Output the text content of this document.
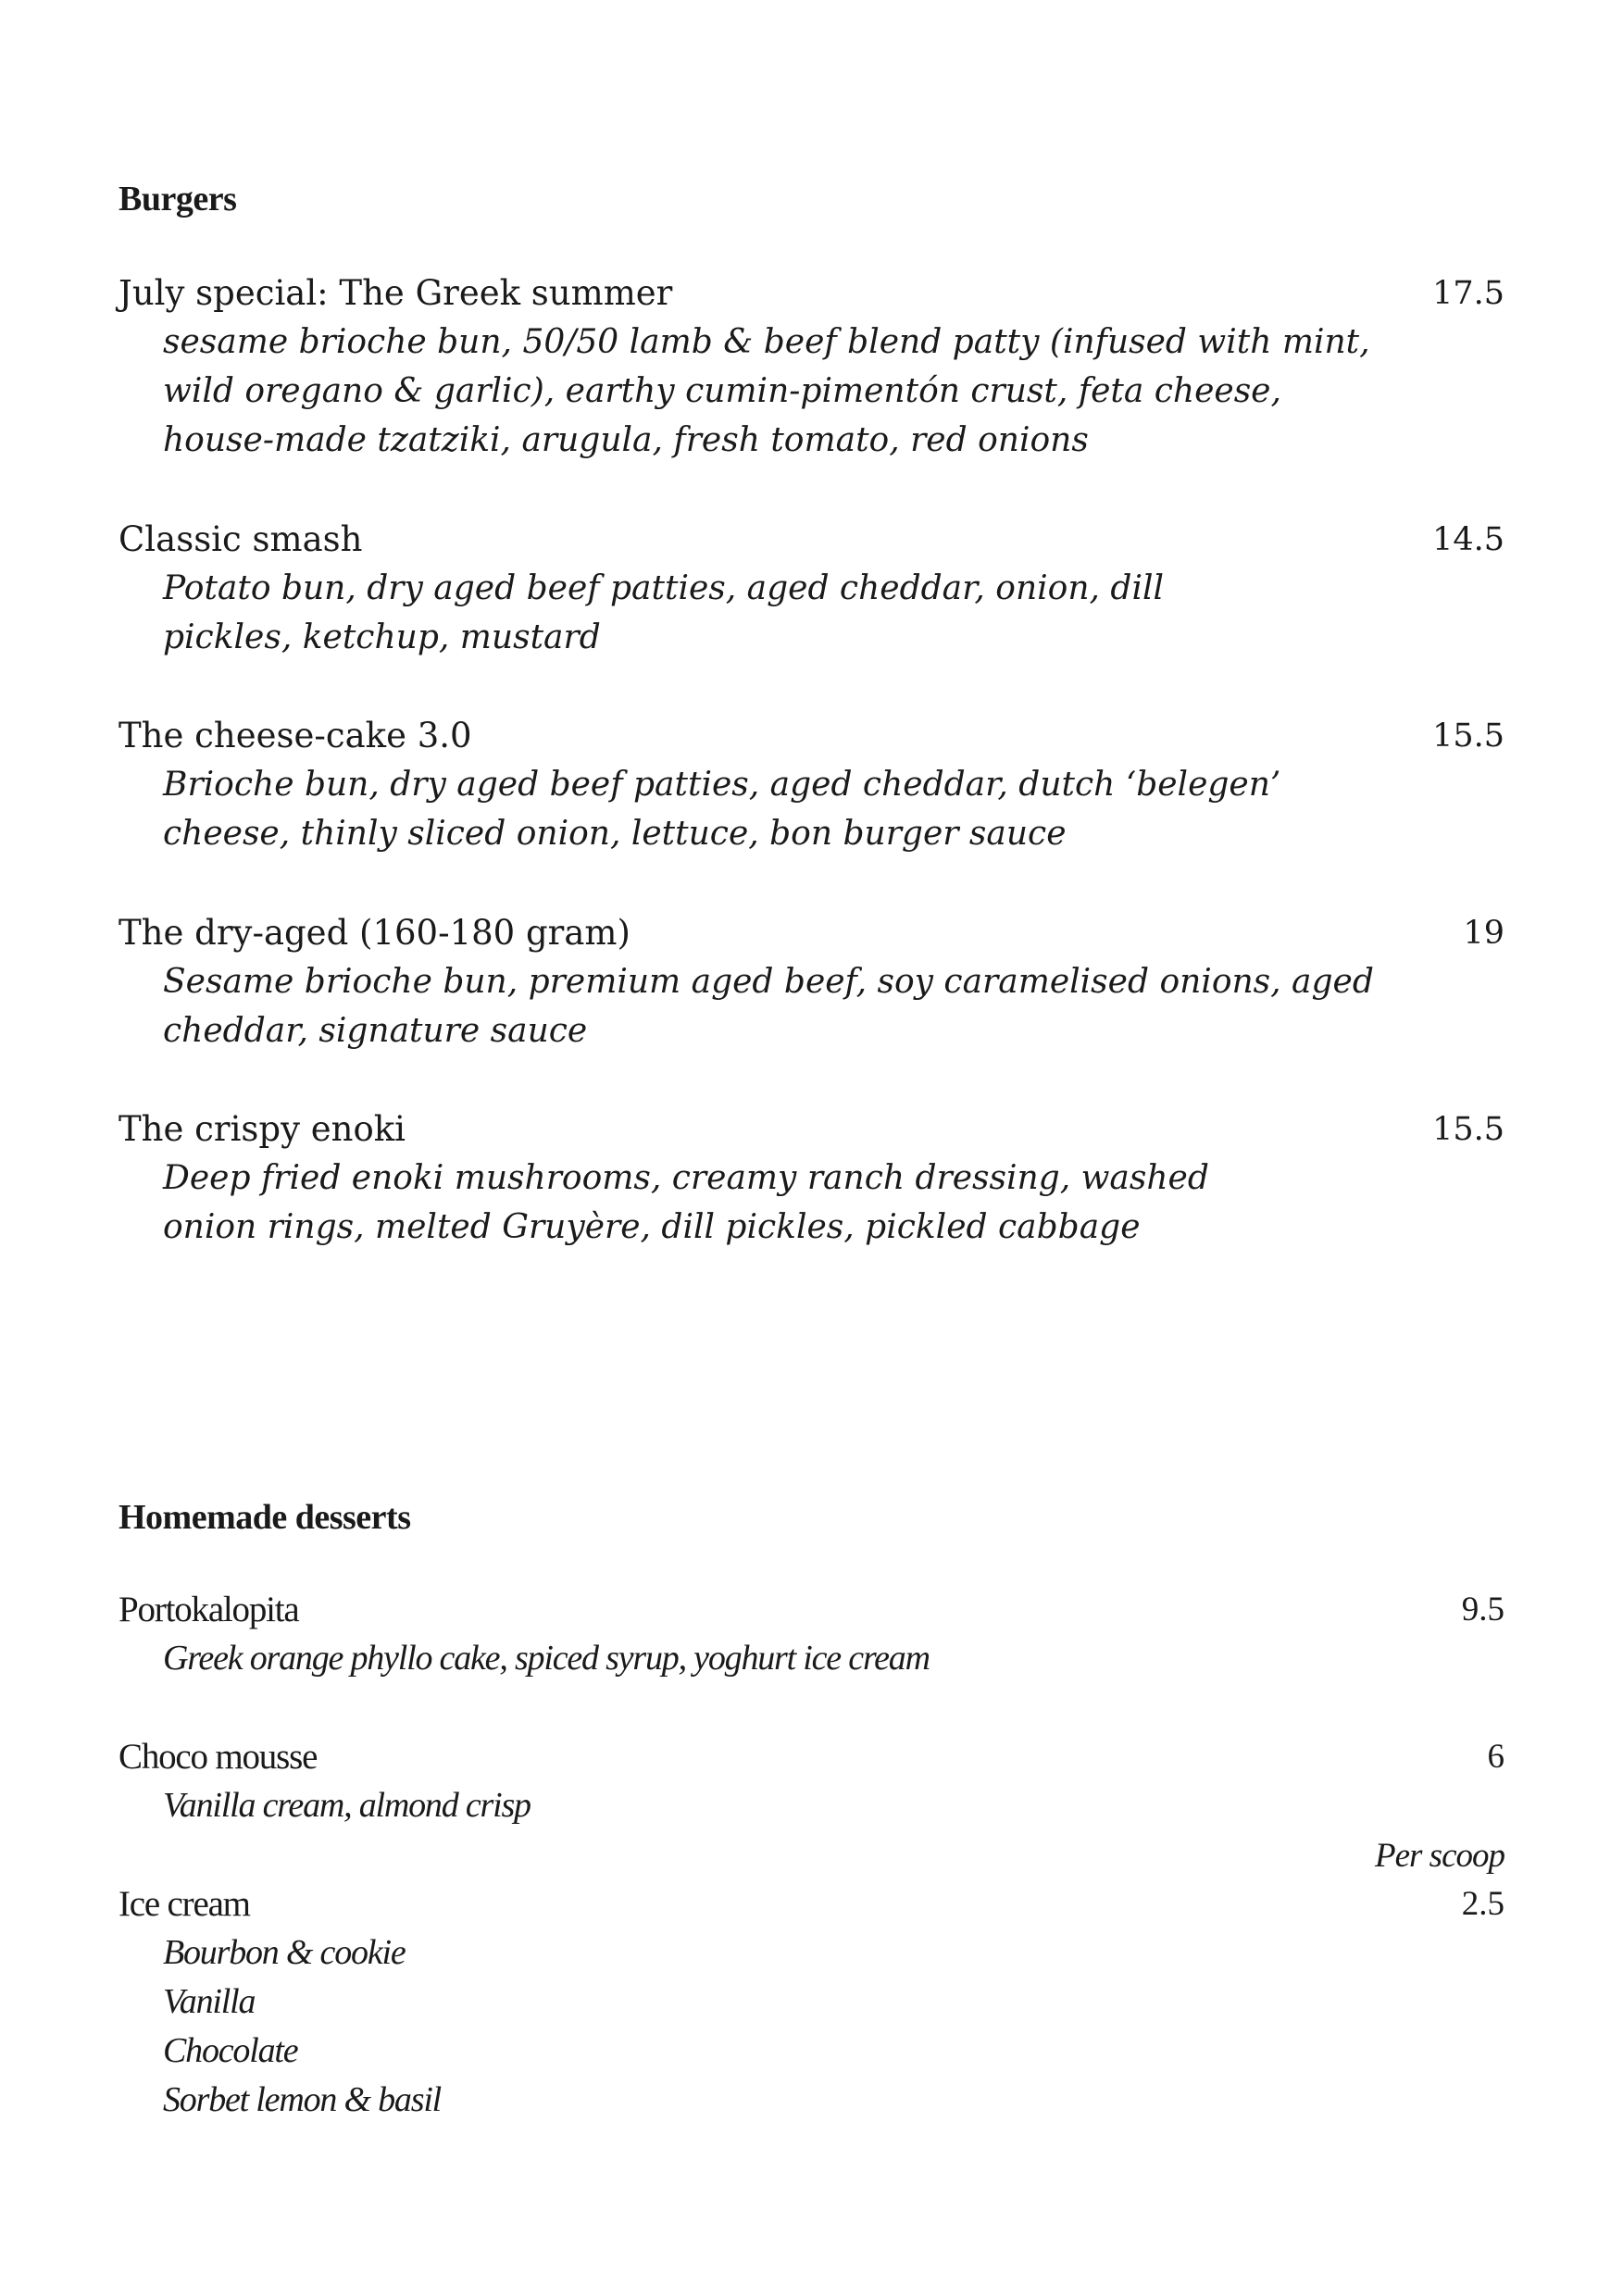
Burgers
July special: The Greek summer	17.5
sesame brioche bun, 50/50 lamb & beef blend patty (infused with mint,
wild oregano & garlic), earthy cumin-pimentón crust, feta cheese,
house-made tzatziki, arugula, fresh tomato, red onions
Classic smash	14.5
Potato bun, dry aged beef patties, aged cheddar, onion, dill
pickles, ketchup, mustard
The cheese-cake 3.0	15.5
Brioche bun, dry aged beef patties, aged cheddar, dutch ‘belegen’
cheese, thinly sliced onion, lettuce, bon burger sauce
The dry-aged (160-180 gram)	19
Sesame brioche bun, premium aged beef, soy caramelised onions, aged
cheddar, signature sauce
The crispy enoki	15.5
Deep fried enoki mushrooms, creamy ranch dressing, washed
onion rings, melted Gruyère, dill pickles, pickled cabbage
Homemade desserts
Portokalopita	9.5
Greek orange phyllo cake, spiced syrup, yoghurt ice cream
Choco mousse	6
Vanilla cream, almond crisp
Per scoop
Ice cream	2.5
Bourbon & cookie
Vanilla
Chocolate
Sorbet lemon & basil
